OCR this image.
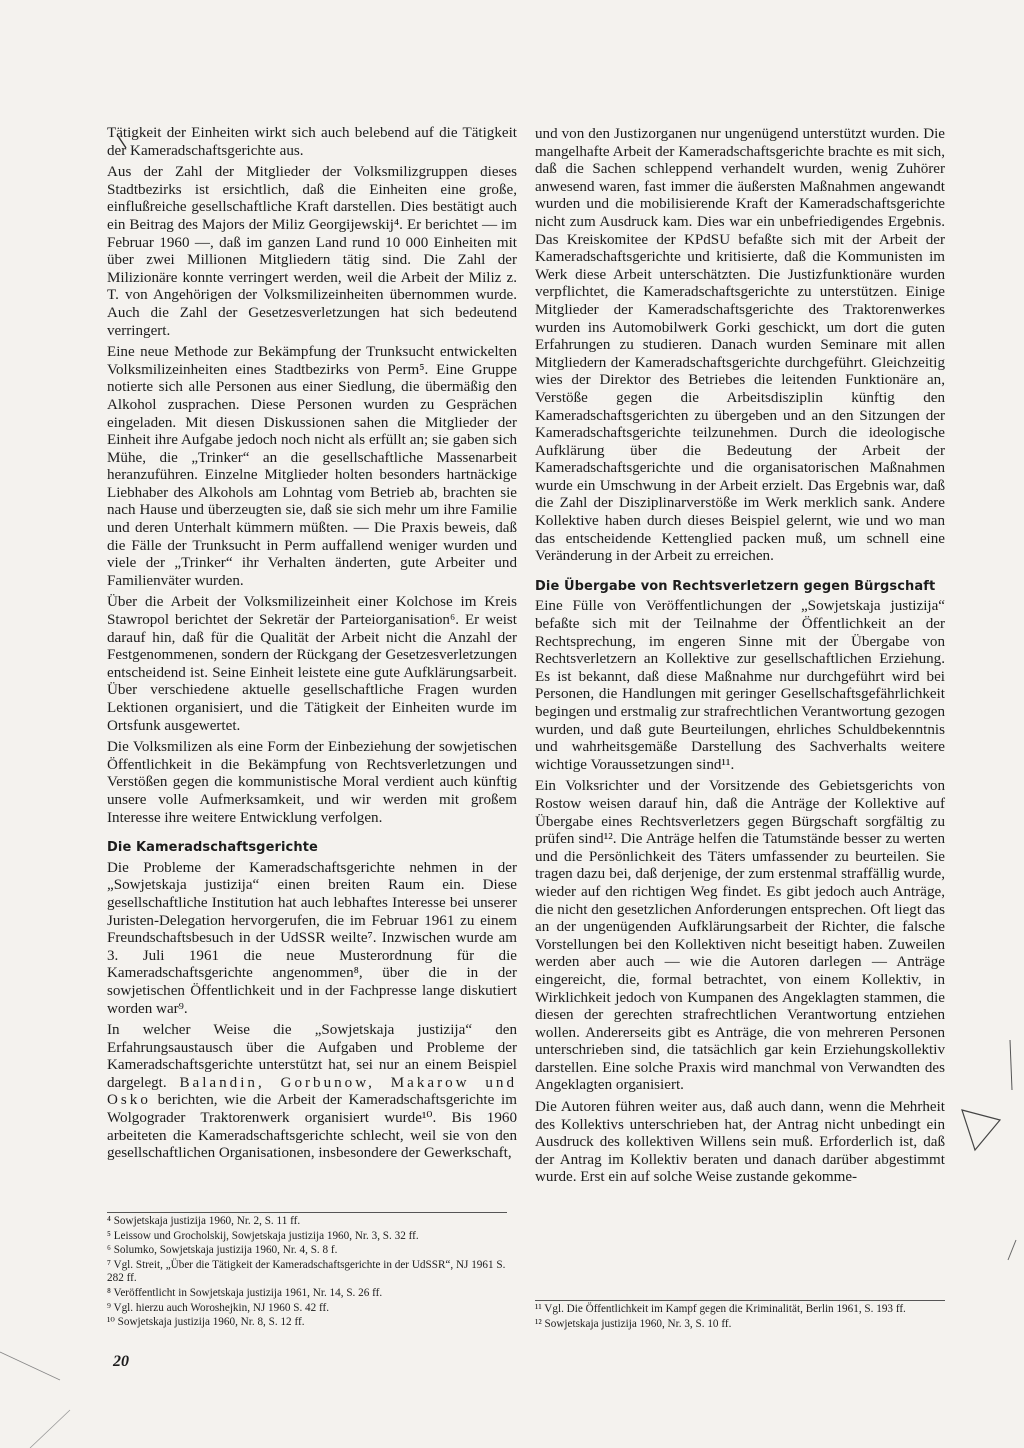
Tätigkeit der Einheiten wirkt sich auch belebend auf die Tätigkeit der Kameradschaftsgerichte aus.

Aus der Zahl der Mitglieder der Volksmilizgruppen dieses Stadtbezirks ist ersichtlich, daß die Einheiten eine große, einflußreiche gesellschaftliche Kraft darstellen. Dies bestätigt auch ein Beitrag des Majors der Miliz Georgijewskij⁴. Er berichtet — im Februar 1960 —, daß im ganzen Land rund 10 000 Einheiten mit über zwei Millionen Mitgliedern tätig sind. Die Zahl der Milizionäre konnte verringert werden, weil die Arbeit der Miliz z. T. von Angehörigen der Volksmilizeinheiten übernommen wurde. Auch die Zahl der Gesetzesverletzungen hat sich bedeutend verringert.

Eine neue Methode zur Bekämpfung der Trunksucht entwickelten Volksmilizeinheiten eines Stadtbezirks von Perm⁵. Eine Gruppe notierte sich alle Personen aus einer Siedlung, die übermäßig den Alkohol zusprachen. Diese Personen wurden zu Gesprächen eingeladen. Mit diesen Diskussionen sahen die Mitglieder der Einheit ihre Aufgabe jedoch noch nicht als erfüllt an; sie gaben sich Mühe, die „Trinker“ an die gesellschaftliche Massenarbeit heranzuführen. Einzelne Mitglieder holten besonders hartnäckige Liebhaber des Alkohols am Lohntag vom Betrieb ab, brachten sie nach Hause und überzeugten sie, daß sie sich mehr um ihre Familie und deren Unterhalt kümmern müßten. — Die Praxis beweis, daß die Fälle der Trunksucht in Perm auffallend weniger wurden und viele der „Trinker“ ihr Verhalten änderten, gute Arbeiter und Familienväter wurden.

Über die Arbeit der Volksmilizeinheit einer Kolchose im Kreis Stawropol berichtet der Sekretär der Parteiorganisation⁶. Er weist darauf hin, daß für die Qualität der Arbeit nicht die Anzahl der Festgenommenen, sondern der Rückgang der Gesetzesverletzungen entscheidend ist. Seine Einheit leistete eine gute Aufklärungsarbeit. Über verschiedene aktuelle gesellschaftliche Fragen wurden Lektionen organisiert, und die Tätigkeit der Einheiten wurde im Ortsfunk ausgewertet.

Die Volksmilizen als eine Form der Einbeziehung der sowjetischen Öffentlichkeit in die Bekämpfung von Rechtsverletzungen und Verstößen gegen die kommunistische Moral verdient auch künftig unsere volle Aufmerksamkeit, und wir werden mit großem Interesse ihre weitere Entwicklung verfolgen.

Die Kameradschaftsgerichte

Die Probleme der Kameradschaftsgerichte nehmen in der „Sowjetskaja justizija“ einen breiten Raum ein. Diese gesellschaftliche Institution hat auch lebhaftes Interesse bei unserer Juristen-Delegation hervorgerufen, die im Februar 1961 zu einem Freundschaftsbesuch in der UdSSR weilte⁷. Inzwischen wurde am 3. Juli 1961 die neue Musterordnung für die Kameradschaftsgerichte angenommen⁸, über die in der sowjetischen Öffentlichkeit und in der Fachpresse lange diskutiert worden war⁹.

In welcher Weise die „Sowjetskaja justizija“ den Erfahrungsaustausch über die Aufgaben und Probleme der Kameradschaftsgerichte unterstützt hat, sei nur an einem Beispiel dargelegt. Balandin, Gorbunow, Makarow und Osko berichten, wie die Arbeit der Kameradschaftsgerichte im Wolgograder Traktorenwerk organisiert wurde¹⁰. Bis 1960 arbeiteten die Kameradschaftsgerichte schlecht, weil sie von den gesellschaftlichen Organisationen, insbesondere der Gewerkschaft,

und von den Justizorganen nur ungenügend unterstützt wurden. Die mangelhafte Arbeit der Kameradschaftsgerichte brachte es mit sich, daß die Sachen schleppend verhandelt wurden, wenig Zuhörer anwesend waren, fast immer die äußersten Maßnahmen angewandt wurden und die mobilisierende Kraft der Kameradschaftsgerichte nicht zum Ausdruck kam. Dies war ein unbefriedigendes Ergebnis. Das Kreiskomitee der KPdSU befaßte sich mit der Arbeit der Kameradschaftsgerichte und kritisierte, daß die Kommunisten im Werk diese Arbeit unterschätzten. Die Justizfunktionäre wurden verpflichtet, die Kameradschaftsgerichte zu unterstützen. Einige Mitglieder der Kameradschaftsgerichte des Traktorenwerkes wurden ins Automobilwerk Gorki geschickt, um dort die guten Erfahrungen zu studieren. Danach wurden Seminare mit allen Mitgliedern der Kameradschaftsgerichte durchgeführt. Gleichzeitig wies der Direktor des Betriebes die leitenden Funktionäre an, Verstöße gegen die Arbeitsdisziplin künftig den Kameradschaftsgerichten zu übergeben und an den Sitzungen der Kameradschaftsgerichte teilzunehmen. Durch die ideologische Aufklärung über die Bedeutung der Arbeit der Kameradschaftsgerichte und die organisatorischen Maßnahmen wurde ein Umschwung in der Arbeit erzielt. Das Ergebnis war, daß die Zahl der Disziplinarverstöße im Werk merklich sank. Andere Kollektive haben durch dieses Beispiel gelernt, wie und wo man das entscheidende Kettenglied packen muß, um schnell eine Veränderung in der Arbeit zu erreichen.

Die Übergabe von Rechtsverletzern gegen Bürgschaft

Eine Fülle von Veröffentlichungen der „Sowjetskaja justizija“ befaßte sich mit der Teilnahme der Öffentlichkeit an der Rechtsprechung, im engeren Sinne mit der Übergabe von Rechtsverletzern an Kollektive zur gesellschaftlichen Erziehung. Es ist bekannt, daß diese Maßnahme nur durchgeführt wird bei Personen, die Handlungen mit geringer Gesellschaftsgefährlichkeit begingen und erstmalig zur strafrechtlichen Verantwortung gezogen wurden, und daß gute Beurteilungen, ehrliches Schuldbekenntnis und wahrheitsgemäße Darstellung des Sachverhalts weitere wichtige Voraussetzungen sind¹¹.

Ein Volksrichter und der Vorsitzende des Gebietsgerichts von Rostow weisen darauf hin, daß die Anträge der Kollektive auf Übergabe eines Rechtsverletzers gegen Bürgschaft sorgfältig zu prüfen sind¹². Die Anträge helfen die Tatumstände besser zu werten und die Persönlichkeit des Täters umfassender zu beurteilen. Sie tragen dazu bei, daß derjenige, der zum erstenmal straffällig wurde, wieder auf den richtigen Weg findet. Es gibt jedoch auch Anträge, die nicht den gesetzlichen Anforderungen entsprechen. Oft liegt das an der ungenügenden Aufklärungsarbeit der Richter, die falsche Vorstellungen bei den Kollektiven nicht beseitigt haben. Zuweilen werden aber auch — wie die Autoren darlegen — Anträge eingereicht, die, formal betrachtet, von einem Kollektiv, in Wirklichkeit jedoch von Kumpanen des Angeklagten stammen, die diesen der gerechten strafrechtlichen Verantwortung entziehen wollen. Andererseits gibt es Anträge, die von mehreren Personen unterschrieben sind, die tatsächlich gar kein Erziehungskollektiv darstellen. Eine solche Praxis wird manchmal von Verwandten des Angeklagten organisiert.

Die Autoren führen weiter aus, daß auch dann, wenn die Mehrheit des Kollektivs unterschrieben hat, der Antrag nicht unbedingt ein Ausdruck des kollektiven Willens sein muß. Erforderlich ist, daß der Antrag im Kollektiv beraten und danach darüber abgestimmt wurde. Erst ein auf solche Weise zustande gekomme-

⁴ Sowjetskaja justizija 1960, Nr. 2, S. 11 ff.

⁵ Leissow und Grocholskij, Sowjetskaja justizija 1960, Nr. 3, S. 32 ff.

⁶ Solumko, Sowjetskaja justizija 1960, Nr. 4, S. 8 f.

⁷ Vgl. Streit, „Über die Tätigkeit der Kameradschaftsgerichte in der UdSSR“, NJ 1961 S. 282 ff.

⁸ Veröffentlicht in Sowjetskaja justizija 1961, Nr. 14, S. 26 ff.

⁹ Vgl. hierzu auch Woroshejkin, NJ 1960 S. 42 ff.

¹⁰ Sowjetskaja justizija 1960, Nr. 8, S. 12 ff.

¹¹ Vgl. Die Öffentlichkeit im Kampf gegen die Kriminalität, Berlin 1961, S. 193 ff.

¹² Sowjetskaja justizija 1960, Nr. 3, S. 10 ff.

20
